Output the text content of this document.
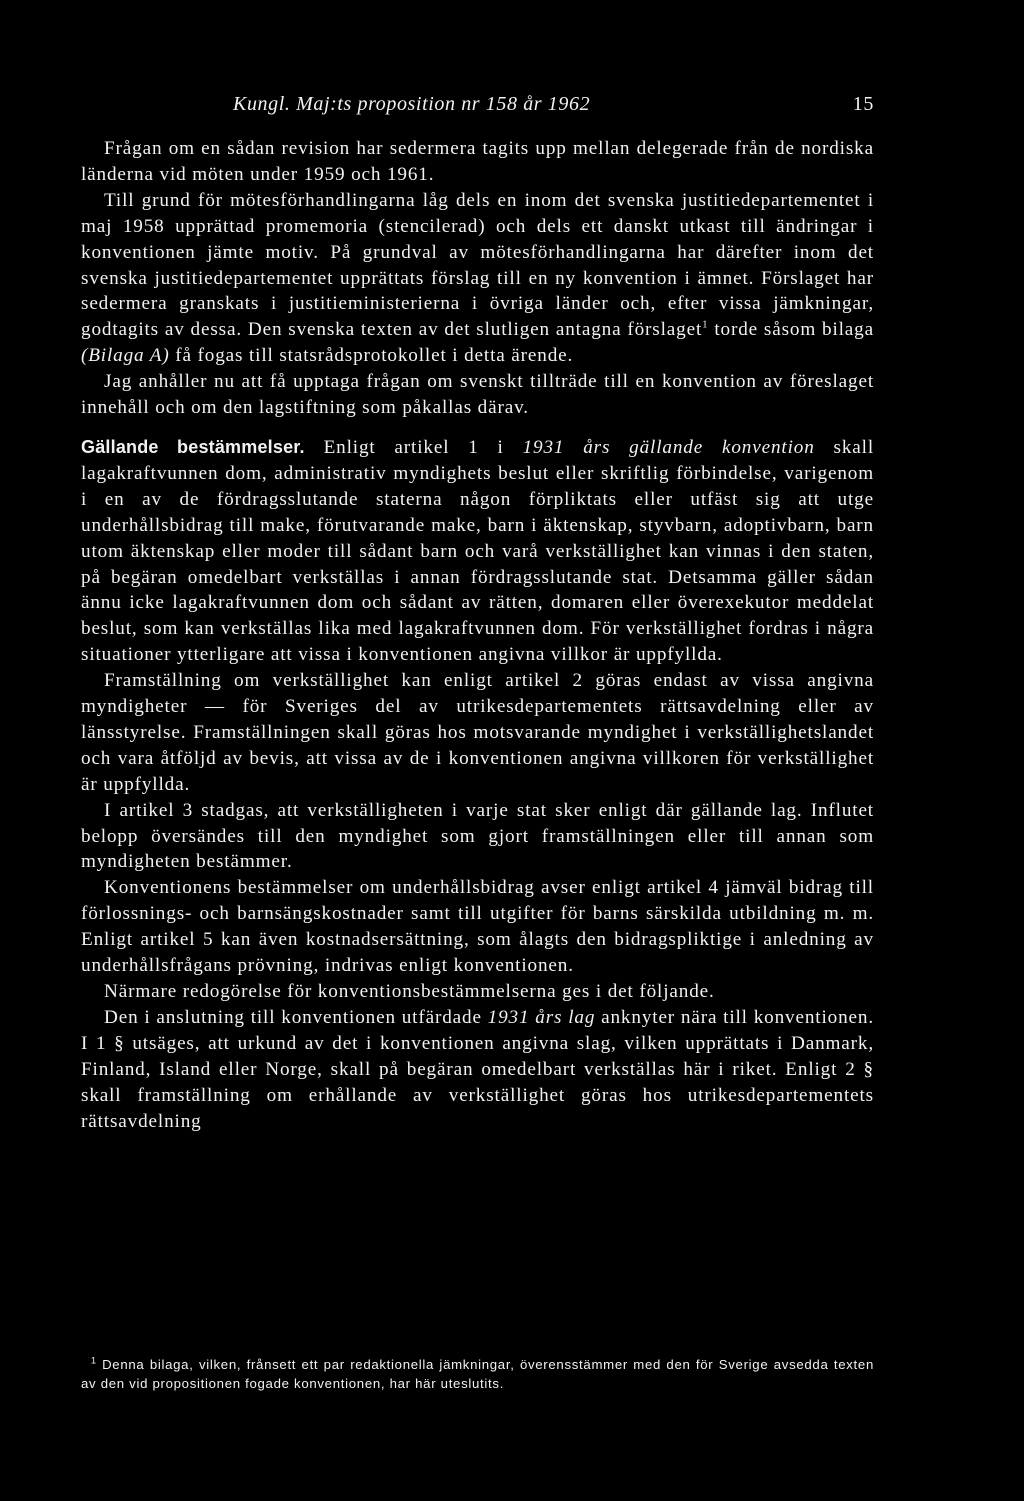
Kungl. Maj:ts proposition nr 158 år 1962	15

Frågan om en sådan revision har sedermera tagits upp mellan delegerade från de nordiska länderna vid möten under 1959 och 1961.

Till grund för mötesförhandlingarna låg dels en inom det svenska justitiedepartementet i maj 1958 upprättad promemoria (stencilerad) och dels ett danskt utkast till ändringar i konventionen jämte motiv. På grundval av mötesförhandlingarna har därefter inom det svenska justitiedepartementet upprättats förslag till en ny konvention i ämnet. Förslaget har sedermera granskats i justitieministerierna i övriga länder och, efter vissa jämkningar, godtagits av dessa. Den svenska texten av det slutligen antagna förslaget$^1$ torde såsom bilaga (Bilaga A) få fogas till statsrådsprotokollet i detta ärende.

Jag anhåller nu att få upptaga frågan om svenskt tillträde till en konvention av föreslaget innehåll och om den lagstiftning som påkallas därav.

Gällande bestämmelser. Enligt artikel 1 i 1931 års gällande konvention skall lagakraftvunnen dom, administrativ myndighets beslut eller skriftlig förbindelse, varigenom i en av de fördragsslutande staterna någon förpliktats eller utfäst sig att utge underhållsbidrag till make, förutvarande make, barn i äktenskap, styvbarn, adoptivbarn, barn utom äktenskap eller moder till sådant barn och varå verkställighet kan vinnas i den staten, på begäran omedelbart verkställas i annan fördragsslutande stat. Detsamma gäller sådan ännu icke lagakraftvunnen dom och sådant av rätten, domaren eller överexekutor meddelat beslut, som kan verkställas lika med lagakraftvunnen dom. För verkställighet fordras i några situationer ytterligare att vissa i konventionen angivna villkor är uppfyllda.

Framställning om verkställighet kan enligt artikel 2 göras endast av vissa angivna myndigheter — för Sveriges del av utrikesdepartementets rättsavdelning eller av länsstyrelse. Framställningen skall göras hos motsvarande myndighet i verkställighetslandet och vara åtföljd av bevis, att vissa av de i konventionen angivna villkoren för verkställighet är uppfyllda.

I artikel 3 stadgas, att verkställigheten i varje stat sker enligt där gällande lag. Influtet belopp översändes till den myndighet som gjort framställningen eller till annan som myndigheten bestämmer.

Konventionens bestämmelser om underhållsbidrag avser enligt artikel 4 jämväl bidrag till förlossnings- och barnsängskostnader samt till utgifter för barns särskilda utbildning m. m. Enligt artikel 5 kan även kostnadsersättning, som ålagts den bidragspliktige i anledning av underhållsfrågans prövning, indrivas enligt konventionen.

Närmare redogörelse för konventionsbestämmelserna ges i det följande.

Den i anslutning till konventionen utfärdade 1931 års lag anknyter nära till konventionen. I 1 § utsäges, att urkund av det i konventionen angivna slag, vilken upprättats i Danmark, Finland, Island eller Norge, skall på begäran omedelbart verkställas här i riket. Enligt 2 § skall framställning om erhållande av verkställighet göras hos utrikesdepartementets rättsavdelning

$^1$ Denna bilaga, vilken, frånsett ett par redaktionella jämkningar, överensstämmer med den för Sverige avsedda texten av den vid propositionen fogade konventionen, har här uteslutits.
